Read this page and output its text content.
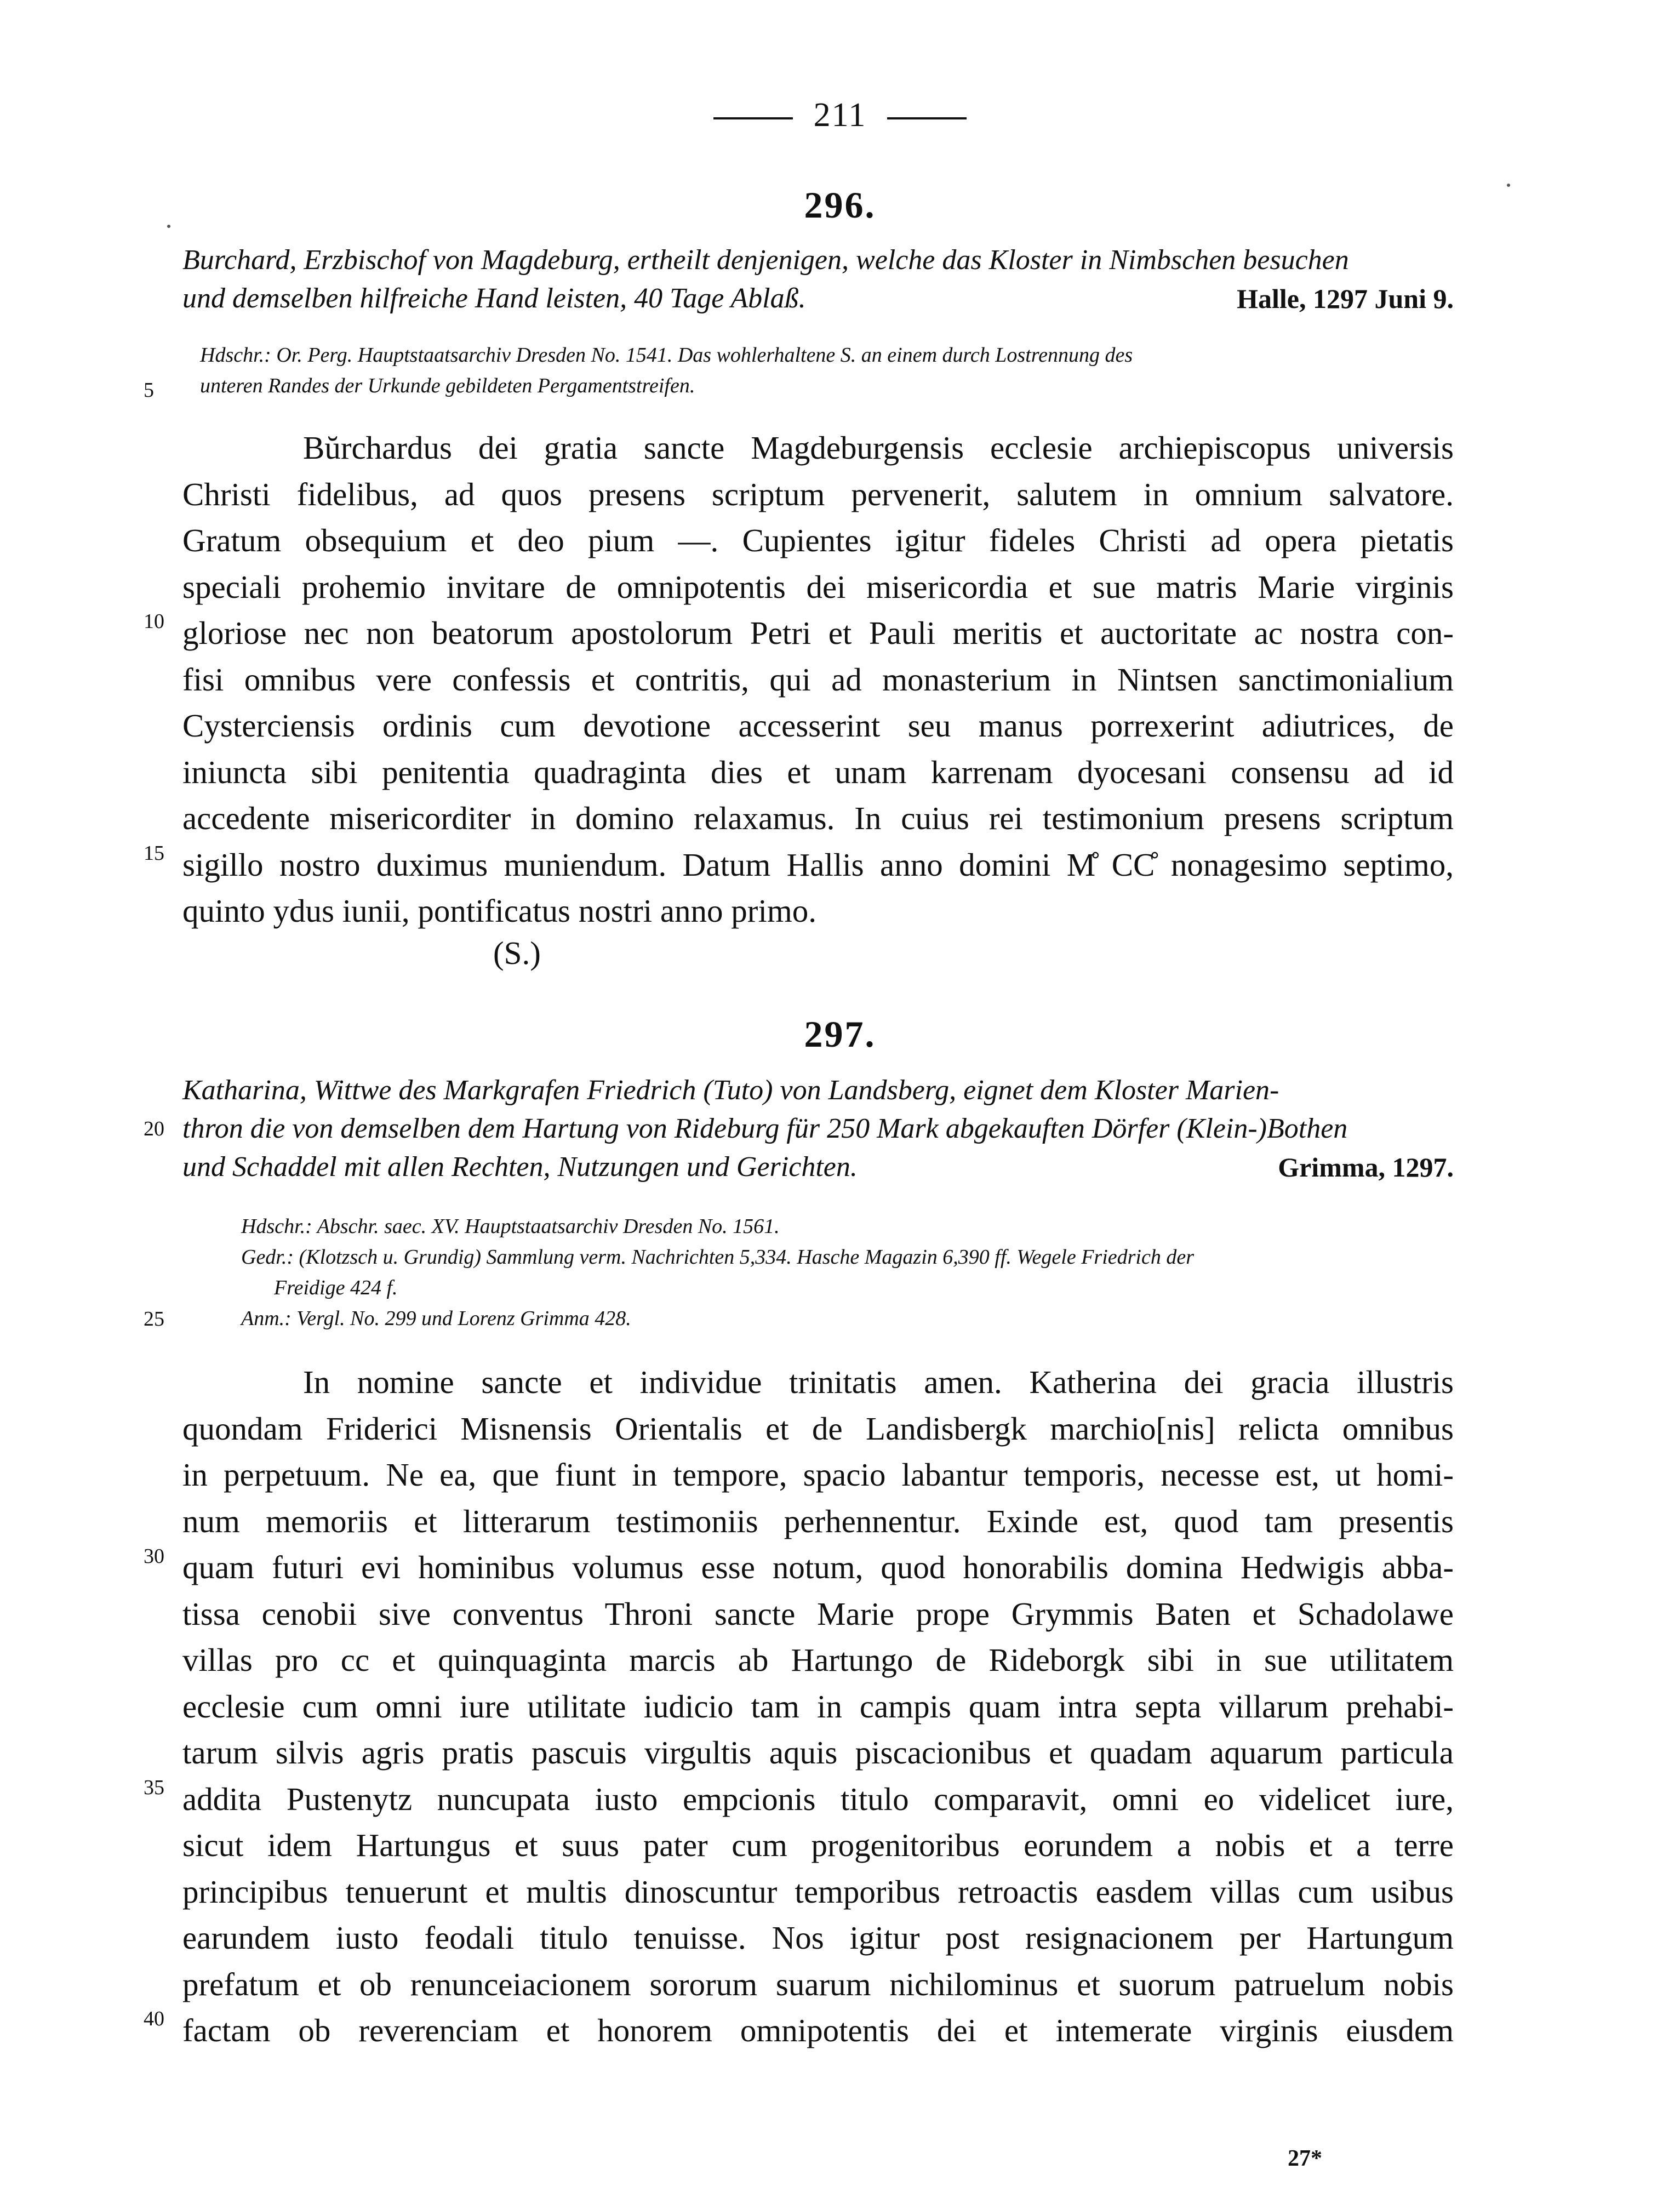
211
296.
Burchard, Erzbischof von Magdeburg, ertheilt denjenigen, welche das Kloster in Nimbschen besuchen
und demselben hilfreiche Hand leisten, 40 Tage Ablaß.	Halle, 1297 Juni 9.
Hdschr.: Or. Perg. Hauptstaatsarchiv Dresden No. 1541. Das wohlerhaltene S. an einem durch Lostrennung des
unteren Randes der Urkunde gebildeten Pergamentstreifen.
Bŭrchardus dei gratia sancte Magdeburgensis ecclesie archiepiscopus universis
Christi fidelibus, ad quos presens scriptum pervenerit, salutem in omnium salvatore.
Gratum obsequium et deo pium —. Cupientes igitur fideles Christi ad opera pietatis
speciali prohemio invitare de omnipotentis dei misericordia et sue matris Marie virginis
gloriose nec non beatorum apostolorum Petri et Pauli meritis et auctoritate ac nostra con-
fisi omnibus vere confessis et contritis, qui ad monasterium in Nintsen sanctimonialium
Cysterciensis ordinis cum devotione accesserint seu manus porrexerint adiutrices, de
iniuncta sibi penitentia quadraginta dies et unam karrenam dyocesani consensu ad id
accedente misericorditer in domino relaxamus. In cuius rei testimonium presens scriptum
sigillo nostro duximus muniendum. Datum Hallis anno domini M̊ CC̊ nonagesimo septimo,
quinto ydus iunii, pontificatus nostri anno primo.
(S.)
297.
Katharina, Wittwe des Markgrafen Friedrich (Tuto) von Landsberg, eignet dem Kloster Marien-
thron die von demselben dem Hartung von Rideburg für 250 Mark abgekauften Dörfer (Klein-)Bothen
und Schaddel mit allen Rechten, Nutzungen und Gerichten.	Grimma, 1297.
Hdschr.: Abschr. saec. XV. Hauptstaatsarchiv Dresden No. 1561.
Gedr.: (Klotzsch u. Grundig) Sammlung verm. Nachrichten 5,334. Hasche Magazin 6,390 ff. Wegele Friedrich der
Freidige 424 f.
Anm.: Vergl. No. 299 und Lorenz Grimma 428.
In nomine sancte et individue trinitatis amen. Katherina dei gracia illustris
quondam Friderici Misnensis Orientalis et de Landisbergk marchio[nis] relicta omnibus
in perpetuum. Ne ea, que fiunt in tempore, spacio labantur temporis, necesse est, ut homi-
num memoriis et litterarum testimoniis perhennentur. Exinde est, quod tam presentis
quam futuri evi hominibus volumus esse notum, quod honorabilis domina Hedwigis abba-
tissa cenobii sive conventus Throni sancte Marie prope Grymmis Baten et Schadolawe
villas pro cc et quinquaginta marcis ab Hartungo de Rideborgk sibi in sue utilitatem
ecclesie cum omni iure utilitate iudicio tam in campis quam intra septa villarum prehabi-
tarum silvis agris pratis pascuis virgultis aquis piscacionibus et quadam aquarum particula
addita Pustenytz nuncupata iusto empcionis titulo comparavit, omni eo videlicet iure,
sicut idem Hartungus et suus pater cum progenitoribus eorundem a nobis et a terre
principibus tenuerunt et multis dinoscuntur temporibus retroactis easdem villas cum usibus
earundem iusto feodali titulo tenuisse. Nos igitur post resignacionem per Hartungum
prefatum et ob renunceiacionem sororum suarum nichilominus et suorum patruelum nobis
factam ob reverenciam et honorem omnipotentis dei et intemerate virginis eiusdem
5
10
15
20
25
30
35
40
27*
